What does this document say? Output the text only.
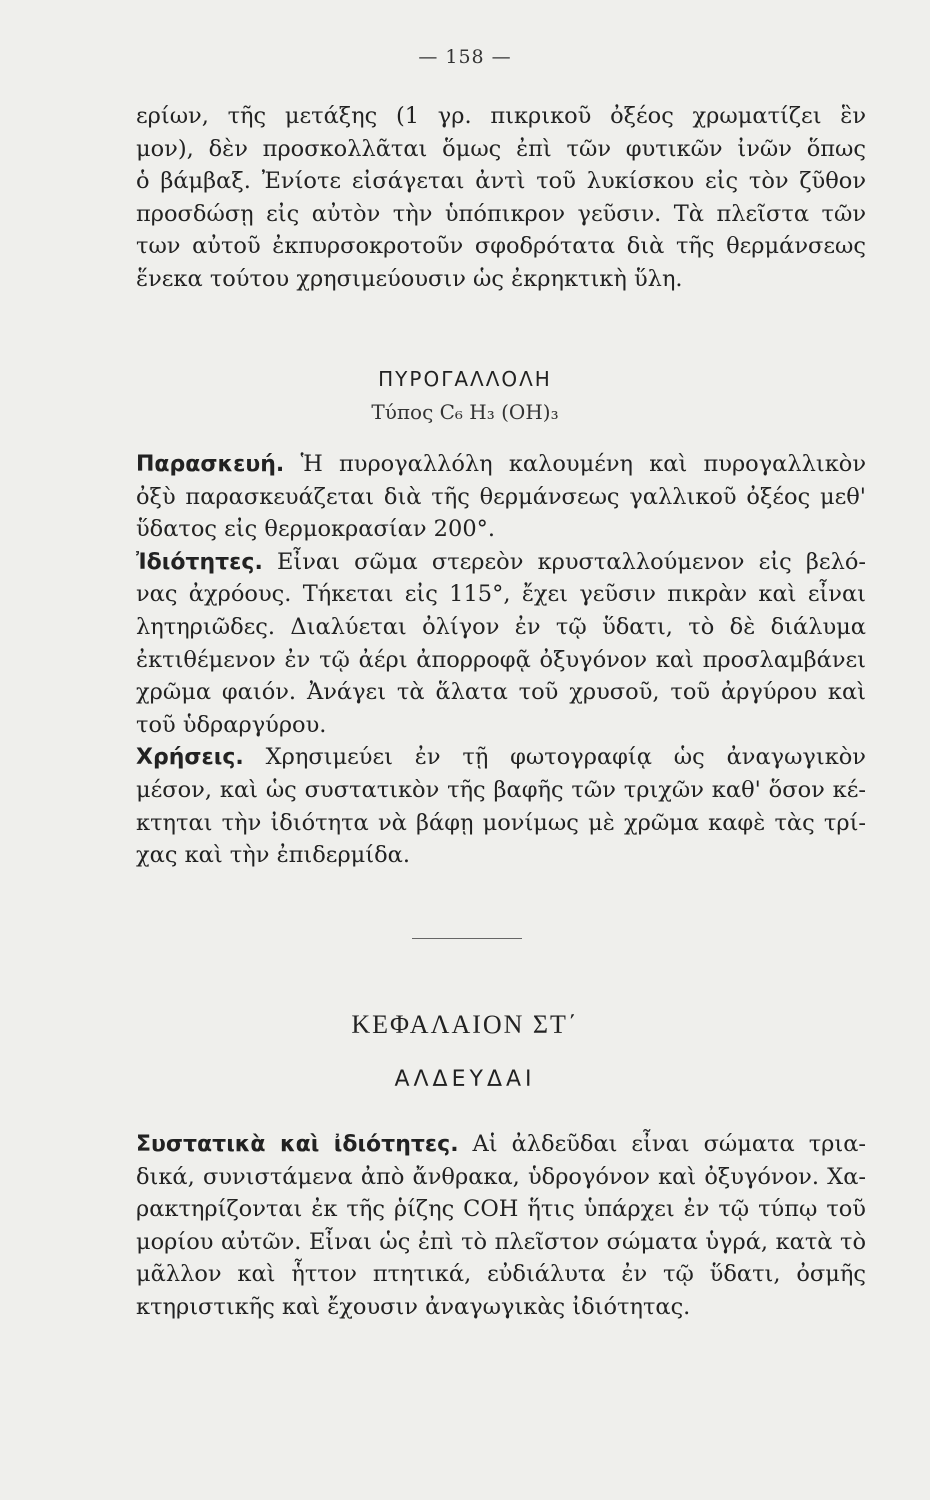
— 158 —
ερίων, τῆς μετάξης (1 γρ. πικρικοῦ ὀξέος χρωματίζει ἓν
μον), δὲν προσκολλᾶται ὅμως ἐπὶ τῶν φυτικῶν ἰνῶν ὅπως
ὁ βάμβαξ. Ἐνίοτε εἰσάγεται ἀντὶ τοῦ λυκίσκου εἰς τὸν ζῦθον
προσδώσῃ εἰς αὐτὸν τὴν ὑπόπικρον γεῦσιν. Τὰ πλεῖστα τῶν
των αὐτοῦ ἐκπυρσοκροτοῦν σφοδρότατα διὰ τῆς θερμάνσεως
ἕνεκα τούτου χρησιμεύουσιν ὡς ἐκρηκτικὴ ὕλη.
ΠΥΡΟΓΑΛΛΟΛΗ
Τύπος C₆ H₃ (OH)₃
Παρασκευή. Ἡ πυρογαλλόλη καλουμένη καὶ πυρογαλλικὸν
ὀξὺ παρασκευάζεται διὰ τῆς θερμάνσεως γαλλικοῦ ὀξέος μεθ'
ὕδατος εἰς θερμοκρασίαν 200°.
Ἰδιότητες. Εἶναι σῶμα στερεὸν κρυσταλλούμενον εἰς βελό-
νας ἀχρόους. Τήκεται εἰς 115°, ἔχει γεῦσιν πικρὰν καὶ εἶναι
λητηριῶδες. Διαλύεται ὀλίγον ἐν τῷ ὕδατι, τὸ δὲ διάλυμα
ἐκτιθέμενον ἐν τῷ ἀέρι ἀπορροφᾷ ὀξυγόνον καὶ προσλαμβάνει
χρῶμα φαιόν. Ἀνάγει τὰ ἅλατα τοῦ χρυσοῦ, τοῦ ἀργύρου καὶ
τοῦ ὑδραργύρου.
Χρήσεις. Χρησιμεύει ἐν τῇ φωτογραφίᾳ ὡς ἀναγωγικὸν
μέσον, καὶ ὡς συστατικὸν τῆς βαφῆς τῶν τριχῶν καθ' ὅσον κέ-
κτηται τὴν ἰδιότητα νὰ βάφῃ μονίμως μὲ χρῶμα καφὲ τὰς τρί-
χας καὶ τὴν ἐπιδερμίδα.
ΚΕΦΑΛΑΙΟΝ ΣΤ΄
ΑΛΔΕΥΔΑΙ
Συστατικὰ καὶ ἰδιότητες. Αἱ ἀλδεῦδαι εἶναι σώματα τρια-
δικά, συνιστάμενα ἀπὸ ἄνθρακα, ὑδρογόνον καὶ ὀξυγόνον. Χα-
ρακτηρίζονται ἐκ τῆς ῥίζης COH ἥτις ὑπάρχει ἐν τῷ τύπῳ τοῦ
μορίου αὐτῶν. Εἶναι ὡς ἐπὶ τὸ πλεῖστον σώματα ὑγρά, κατὰ τὸ
μᾶλλον καὶ ἧττον πτητικά, εὐδιάλυτα ἐν τῷ ὕδατι, ὀσμῆς
κτηριστικῆς καὶ ἔχουσιν ἀναγωγικὰς ἰδιότητας.
